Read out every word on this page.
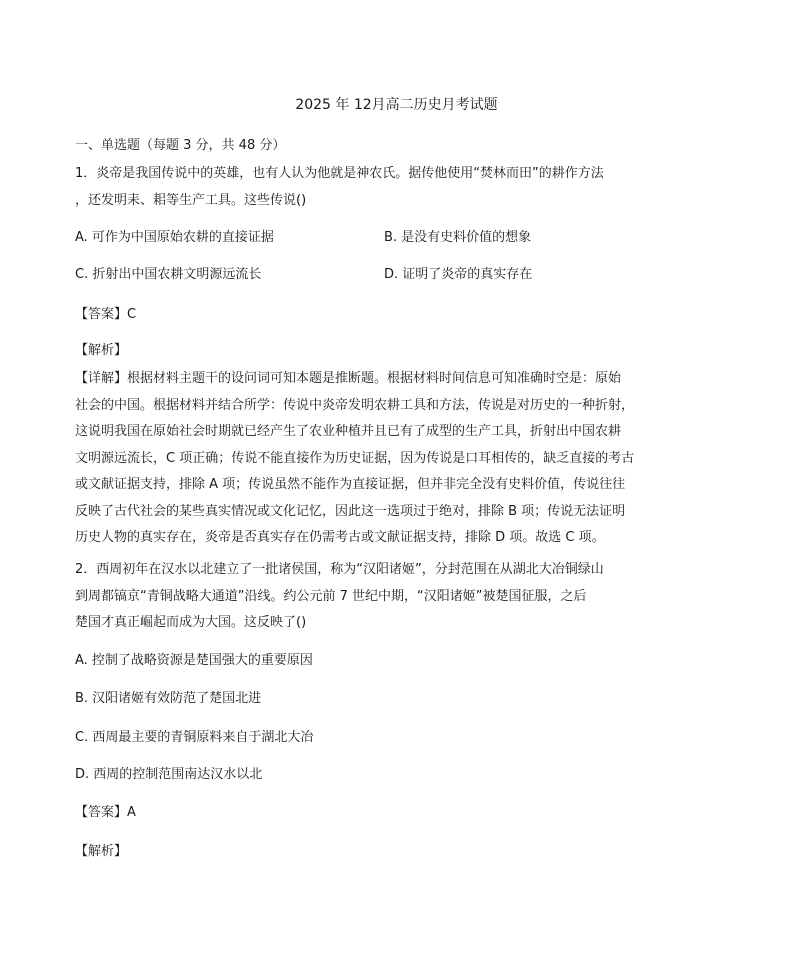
2025 年 12月高二历史月考试题
一、单选题（每题 3 分，共 48 分）
1．炎帝是我国传说中的英雄，也有人认为他就是神农氏。据传他使用“焚林而田”的耕作方法
，还发明耒、耜等生产工具。这些传说()
A. 可作为中国原始农耕的直接证据	B. 是没有史料价值的想象
C. 折射出中国农耕文明源远流长	D. 证明了炎帝的真实存在
【答案】C
【解析】
【详解】根据材料主题干的设问词可知本题是推断题。根据材料时间信息可知准确时空是：原始
社会的中国。根据材料并结合所学：传说中炎帝发明农耕工具和方法，传说是对历史的一种折射，
这说明我国在原始社会时期就已经产生了农业种植并且已有了成型的生产工具，折射出中国农耕
文明源远流长，C 项正确；传说不能直接作为历史证据，因为传说是口耳相传的，缺乏直接的考古
或文献证据支持，排除 A 项；传说虽然不能作为直接证据，但并非完全没有史料价值，传说往往
反映了古代社会的某些真实情况或文化记忆，因此这一选项过于绝对，排除 B 项；传说无法证明
历史人物的真实存在，炎帝是否真实存在仍需考古或文献证据支持，排除 D 项。故选 C 项。
2．西周初年在汉水以北建立了一批诸侯国，称为“汉阳诸姬”，分封范围在从湖北大冶铜绿山
到周都镐京“青铜战略大通道”沿线。约公元前 7 世纪中期，“汉阳诸姬”被楚国征服，之后
楚国才真正崛起而成为大国。这反映了()
A. 控制了战略资源是楚国强大的重要原因
B. 汉阳诸姬有效防范了楚国北进
C. 西周最主要的青铜原料来自于湖北大冶
D. 西周的控制范围南达汉水以北
【答案】A
【解析】
